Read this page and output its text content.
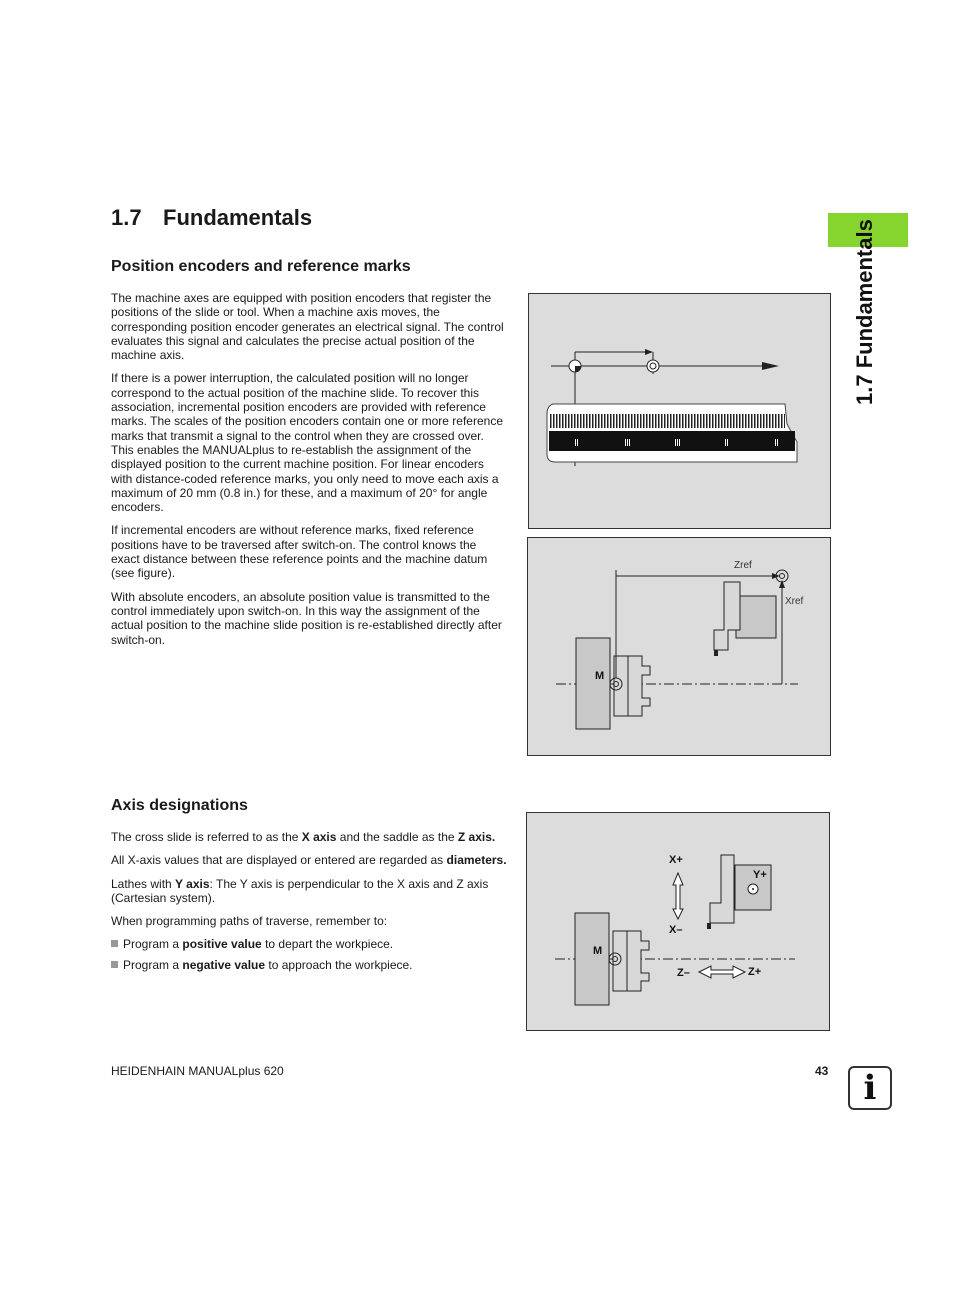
1.7 Fundamentals
1.7 Fundamentals
Position encoders and reference marks

The machine axes are equipped with position encoders that register the positions of the slide or tool. When a machine axis moves, the corresponding position encoder generates an electrical signal. The control evaluates this signal and calculates the precise actual position of the machine axis.

If there is a power interruption, the calculated position will no longer correspond to the actual position of the machine slide. To recover this association, incremental position encoders are provided with reference marks. The scales of the position encoders contain one or more reference marks that transmit a signal to the control when they are crossed over. This enables the MANUALplus to re-establish the assignment of the displayed position to the current machine position. For linear encoders with distance-coded reference marks, you only need to move each axis a maximum of 20 mm (0.8 in.) for these, and a maximum of 20° for angle encoders.

If incremental encoders are without reference marks, fixed reference positions have to be traversed after switch-on. The control knows the exact distance between these reference points and the machine datum (see figure).

With absolute encoders, an absolute position value is transmitted to the control immediately upon switch-on. In this way the assignment of the actual position to the machine slide position is re-established directly after switch-on.

M
Zref
Xref
Axis designations

The cross slide is referred to as the X axis and the saddle as the Z axis.

All X-axis values that are displayed or entered are regarded as diameters.

Lathes with Y axis: The Y axis is perpendicular to the X axis and Z axis (Cartesian system).

When programming paths of traverse, remember to:

Program a positive value to depart the workpiece.
Program a negative value to approach the workpiece.
M
X+
X–
Z–	Z+
Y+
HEIDENHAIN MANUALplus 620	43	i
